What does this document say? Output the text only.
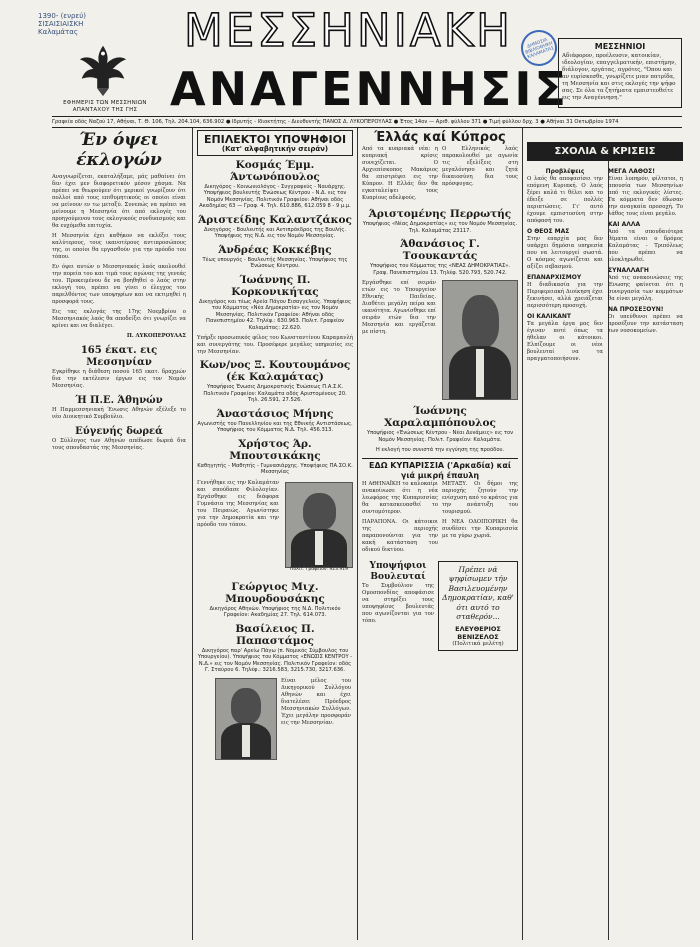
1390- (ενρεύ)
ΣΙΣΑΙΣΙΑΙΣΚΗ
Καλαμάτας
ΕΦΗΜΕΡΙΣ ΤΩΝ ΜΕΣΣΗΝΙΩΝ
ΑΠΑΝΤΑΧΟΥ ΤΗΣ ΓΗΣ
ΜΕΣΣΗΝΙΑΚΗ
ΑΝΑΓΕΝΝΗΣΙΣ
ΔΗΜΟΣΙΑ ΒΙΒΛΙΟΘΗΚΗ ΚΑΛΑΜΑΤΑΣ	ΜΕΣΣΗΝΙΟΙ

Αδιάφορον, προέλευσιν, κατοικίαν, ιδεολογίαν, επαγγελματικήν, επιστήμην, διάλογον, εργάτας, αγρότες, "Όπου και αν ευρίσκεσθε, γνωρίζετε μιαν πατρίδα, τη Μεσσηνία και στις εκλογές την ψήφο σας. Σε όλα τα ζητήματα εμπιστευθείτε εις την Αναγέννηση."

Γραφεία οδός Ναζού 17, Αθήναι, Τ. Θ. 106, Τηλ. 204.104, 636.902 ● Ιδρυτής - Ιδιοκτήτης - Διευθυντής ΠΑΝΟΣ Δ. ΛΥΚΟΠΕΡΟΥΛΑΣ ● Έτος 14ον — Αριθ. φύλλου 371 ● Τιμή φύλλου δρχ. 3 ● Αθήναι 31 Οκτωβρίου 1974
Έν όψει έκλογών

Αναγνωρίζεται, εκαταλήξαμε, μάς μαθαίνει ότι δεν έχει μεν διαφορετικόν μέσον χάσμα. Να πρέπει να θεωρούμεν ότι μερικοί γνωρίζουν ότι πολλοί από τους επιθυμητικούς οι οποίοι είναι να μείνουν εν τω μεταξύ. Συνεπώς να πρέπει να μείνουμε η Μεσσηνία ότι από εκλογές του προηγούμενου τους εκλογικούς συνδυασμούς και θα ευχόμεθα επιτυχία.

Η Μεσσηνία έχει καθήκον να εκλέξει τους καλύτερους, τους ικανοτέρους αντιπροσώπους της, οι οποίοι θα εργασθούν για την πρόοδο του τόπου.

Εν όψει αυτών ο Μεσσηνιακός λαός ακολουθεί την πορεία του και τιμά τους αγώνας της γενεάς του. Προκειμένου δε να βοηθηθεί ο λαός στην εκλογή του, πρέπει να γίνει ο έλεγχος του παρελθόντος των υποψηφίων και να εκτιμηθεί η προσφορά τους.

Εις τας εκλογάς της 17ης Νοεμβρίου ο Μεσσηνιακός λαός θα αποδείξει ότι γνωρίζει να κρίνει και να διαλέγει.

Π. ΛΥΚΟΠΕΡΟΥΛΑΣ

165 έκατ. εις Μεσσηνίαν

Εγκρίθηκε η διάθεση ποσού 165 εκατ. δραχμών δια την εκτέλεσιν έργων εις τον Νομόν Μεσσηνίας.

Ή Π.Ε. Άθηνών

Η Παμμεσσηνιακή Ένωσις Αθηνών εξέλεξε το νέο Διοικητικό Συμβούλιο.

Εύγενής δωρεά

Ο Σύλλογος των Αθηνών απέδωσε δωρεά δια τους σπουδαστάς της Μεσσηνίας.

ΕΠΙΛΕΚΤΟΙ ΥΠΟΨΗΦΙΟΙ
(Κατ' αλφαβητικήν σειράν)
Κοσμάς Έμμ. Άντωνόπουλος
Δικηγόρος - Κοινωνιολόγος - Συγγραφεύς - Ναυάρχης. Υποψήφιος βουλευτής Ένώσεως Κέντρου - Ν.Δ. εις τον Νομόν Μεσσηνίας. Πολιτικόν Γραφείον: Αθήναι οδός Ακαδημίας 63 — Γραφ. 4. Τηλ. 610.886, 612.059 8 - 9 μ.μ.
Άριστείδης Καλαντζάκος
Δικηγόρος - Βουλευτής και Αντιπρόεδρος της Βουλής. Υποψήφιος της Ν.Δ. εις τον Νομόν Μεσσηνίας.
Άνδρέας Κοκκέβης
Τέως υπουργός - Βουλευτής Μεσσηνίας. Υποψήφιος της Ένώσεως Κέντρου.
Ίωάννης Π. Κορκονικήτας
Δικηγόρος και τέως Αρεία Πάγου Εισαγγελεύς. Υποψήφιος του Κόμματος «Νέα Δημοκρατία» εις τον Νομόν Μεσσηνίας. Πολιτικόν Γραφείον: Αθήναι οδός Πανεπιστημίου 42. Τηλέφ.: 630.963. Πολιτ. Γραφείον Καλαμάτας: 22.620.

Υπήρξε προσωπικός φίλος του Κωνσταντίνου Καραμανλή και συνεργάτης του. Προσέφερε μεγάλες υπηρεσίες εις την Μεσσηνίαν.

Κων/νος Ξ. Κουτουμάνος (έκ Καλαμάτας)
Υποψήφιος Ένωσις Δημοκρατικής Ένώσεως Π.Α.Σ.Κ. Πολιτικόν Γραφείον: Καλαμάτα οδός Αριστομένους 20. Τηλ. 26.591, 27.526.
Άναστάσιος Μήνης
Αγωνιστής του Πανελληνίου και της Εθνικής Αντιστάσεως. Υποψήφιος του Κόμματος Ν.Δ. Τηλ. 456.313.
Χρήστος Άρ. Μπουτσικάκης
Καθηγητής - Μαθητής - Γυμνασιάρχης. Υποψήφιος ΠΑ.ΣΟ.Κ. Μεσσηνίας

Γεννήθηκε εις την Καλαμάταν και σπούδασε Φιλολογίαν. Εργάσθηκε εις διάφορα Γυμνάσια της Μεσσηνίας και του Πειραιώς. Αγωνίστηκε για την Δημοκρατία και την πρόοδο του τόπου.

Πολιτ. Γραφείον: 923.919
Γεώργιος Μιχ. Μπουρδουσάκης
Δικηγόρος Αθηνών. Υποψήφιος της Ν.Δ. Πολιτικόν Γραφείον: Ακαδημίας 27. Τηλ. 614.073.
Βασίλειος Π. Παπαστάμος
Δικηγόρος παρ' Αρείω Πάγω (π. Νομικός Σύμβουλος του Υπουργείου). Υποψήφιος του Κόμματος «ΕΝΩΣΙΣ ΚΕΝΤΡΟΥ - Ν.Δ.» εις τον Νομόν Μεσσηνίας. Πολιτικόν Γραφείον: οδός Γ. Σταύρου 6. Τηλέφ.: 3216.583, 3215.730, 3217.636.

Είναι μέλος του Δικηγορικού Συλλόγου Αθηνών και έχει διατελέσει Πρόεδρος Μεσσηνιακών Συλλόγων. Έχει μεγάλην προσφοράν εις την Μεσσηνίαν.

Έλλάς καί Κύπρος

Από τα κυπριακά νέα: η κυπριακή κρίσις συνεχίζεται. Ο Αρχιεπίσκοπος Μακάριος θα επιστρέψει εις την Κύπρον. Η Ελλάς δεν θα εγκαταλείψει τους Κυπρίους αδελφούς.

Ο Ελληνικός λαός παρακολουθεί με αγωνία τις εξελίξεις στη μεγαλόνησο και ζητά δικαιοσύνη δια τους πρόσφυγας.

Άριστομένης Περρωτής
Υποψήφιος «Νέας Δημοκρατίας» εις τον Νομόν Μεσσηνίας. Τηλ. Καλαμάτας 23117.
Άθανάσιος Γ. Τσουκαντάς
Υποψήφιος του Κόμματος της «ΝΕΑΣ ΔΗΜΟΚΡΑΤΙΑΣ». Γραφ. Πανεπιστημίου 13. Τηλέφ. 520.793, 520.742.

Εργάσθηκε επί σειράν ετών εις το Υπουργείον Εθνικής Παιδείας. Διαθέτει μεγάλη πείρα και ικανότητα. Αγωνίσθηκε επί σειράν ετών δια την Μεσσηνία και εργάζεται με πίστη.

Ίωάννης Χαραλαμπόπουλος
Υποψήφιος «Ένώσεως Κέντρου - Νέαι Δυνάμεις» εις τον Νομόν Μεσσηνίας. Πολιτ. Γραφείον: Καλαμάτα.
Η εκλογή του συνιστά την εγγύηση της προόδου.
ΕΔΩ ΚΥΠΑΡΙΣΣΙΑ ('Αρκαδία) καί γιά μικρή έπαυλη

Η ΑΘΗΝΑΪΚΗ το καλοκαίρι ανακοίνωσε ότι η νέα λεωφόρος της Κυπαρισσίας θα κατασκευασθεί το συντομότερον.

ΠΑΡΑΠΟΝΑ. Οι κάτοικοι της περιοχής παραπονούνται για την κακή κατάσταση του οδικού δικτύου.

ΜΕΤΑΞΥ. Οι δήμοι της περιοχής ζητούν την ενίσχυση από το κράτος για την ανάπτυξη του τουρισμού.

Η ΝΕΑ ΟΔΟΙΠΟΡΙΚΗ θα συνδέσει την Κυπαρισσία με τα γύρω χωριά.

Υποψήφιοι Βουλευταί

Το Συμβούλιον της Ομοσπονδίας αποφάσισε να στηρίξει τους υποψηφίους βουλευτάς που αγωνίζονται για τον τόπο.

Πρέπει νά ψηφίσωμεν τήν Βασιλευομένην Δημοκρατίαν, καθ' ότι αυτό το σταθερόν...

ΕΛΕΥΘΕΡΙΟΣ ΒΕΝΙΖΕΛΟΣ

(Πολιτικά μελέτη)

ΣΧΟΛΙΑ & ΚΡΙΣΕΙΣ
Προβλέψεις

Ο λαός θα αποφασίσει την επόμενη Κυριακή. Ο λαός ξέρει καλά τι θέλει και το έδειξε σε πολλές περιπτώσεις. Γι' αυτό έχουμε εμπιστοσύνη στην απόφασή του.

Ο ΘΕΟΣ ΜΑΣ

Στην επαρχία μας δεν υπάρχει δημόσια υπηρεσία που να λειτουργεί σωστά. Ο κόσμος αγωνίζεται και αξίζει σεβασμού.

ΕΠΑΝΑΡΧΙΣΜΟΥ

Η διαδικασία για την Περιφερειακή Διοίκηση έχει ξεκινήσει, αλλά χρειάζεται περισσότερη προσοχή.

ΟΙ ΚΑΛΙΚΑΝΤ

Τα μεγάλα έργα μας δεν έγιναν ποτέ όπως τα ήθελαν οι κάτοικοι. Ελπίζουμε οι νέοι βουλευταί να τα πραγματοποιήσουν.

ΜΕΓΑ ΛΑΘΟΣ!

Είναι λυπηρόν, φίλτατοι, η απουσία των Μεσσηνίων από τις εκλογικές λίστες. Τα κόμματα δεν έδωσαν την αναγκαία προσοχή. Το λάθος τους είναι μεγάλο.

ΚΑΙ ΑΛΛΑ

Από τα σπουδαιότερα θέματα είναι ο δρόμος Καλαμάτας - Τριπόλεως που πρέπει να ολοκληρωθεί.

ΣΥΝΑΛΛΑΓΗ

Από τις ανακοινώσεις της Ένωσης φαίνεται ότι η συνεργασία των κομμάτων θα είναι μεγάλη.

ΝΑ ΠΡΟΣΕΞΟΥΝ!

Οι υπεύθυνοι πρέπει να προσέξουν την κατάσταση των νοσοκομείων.
